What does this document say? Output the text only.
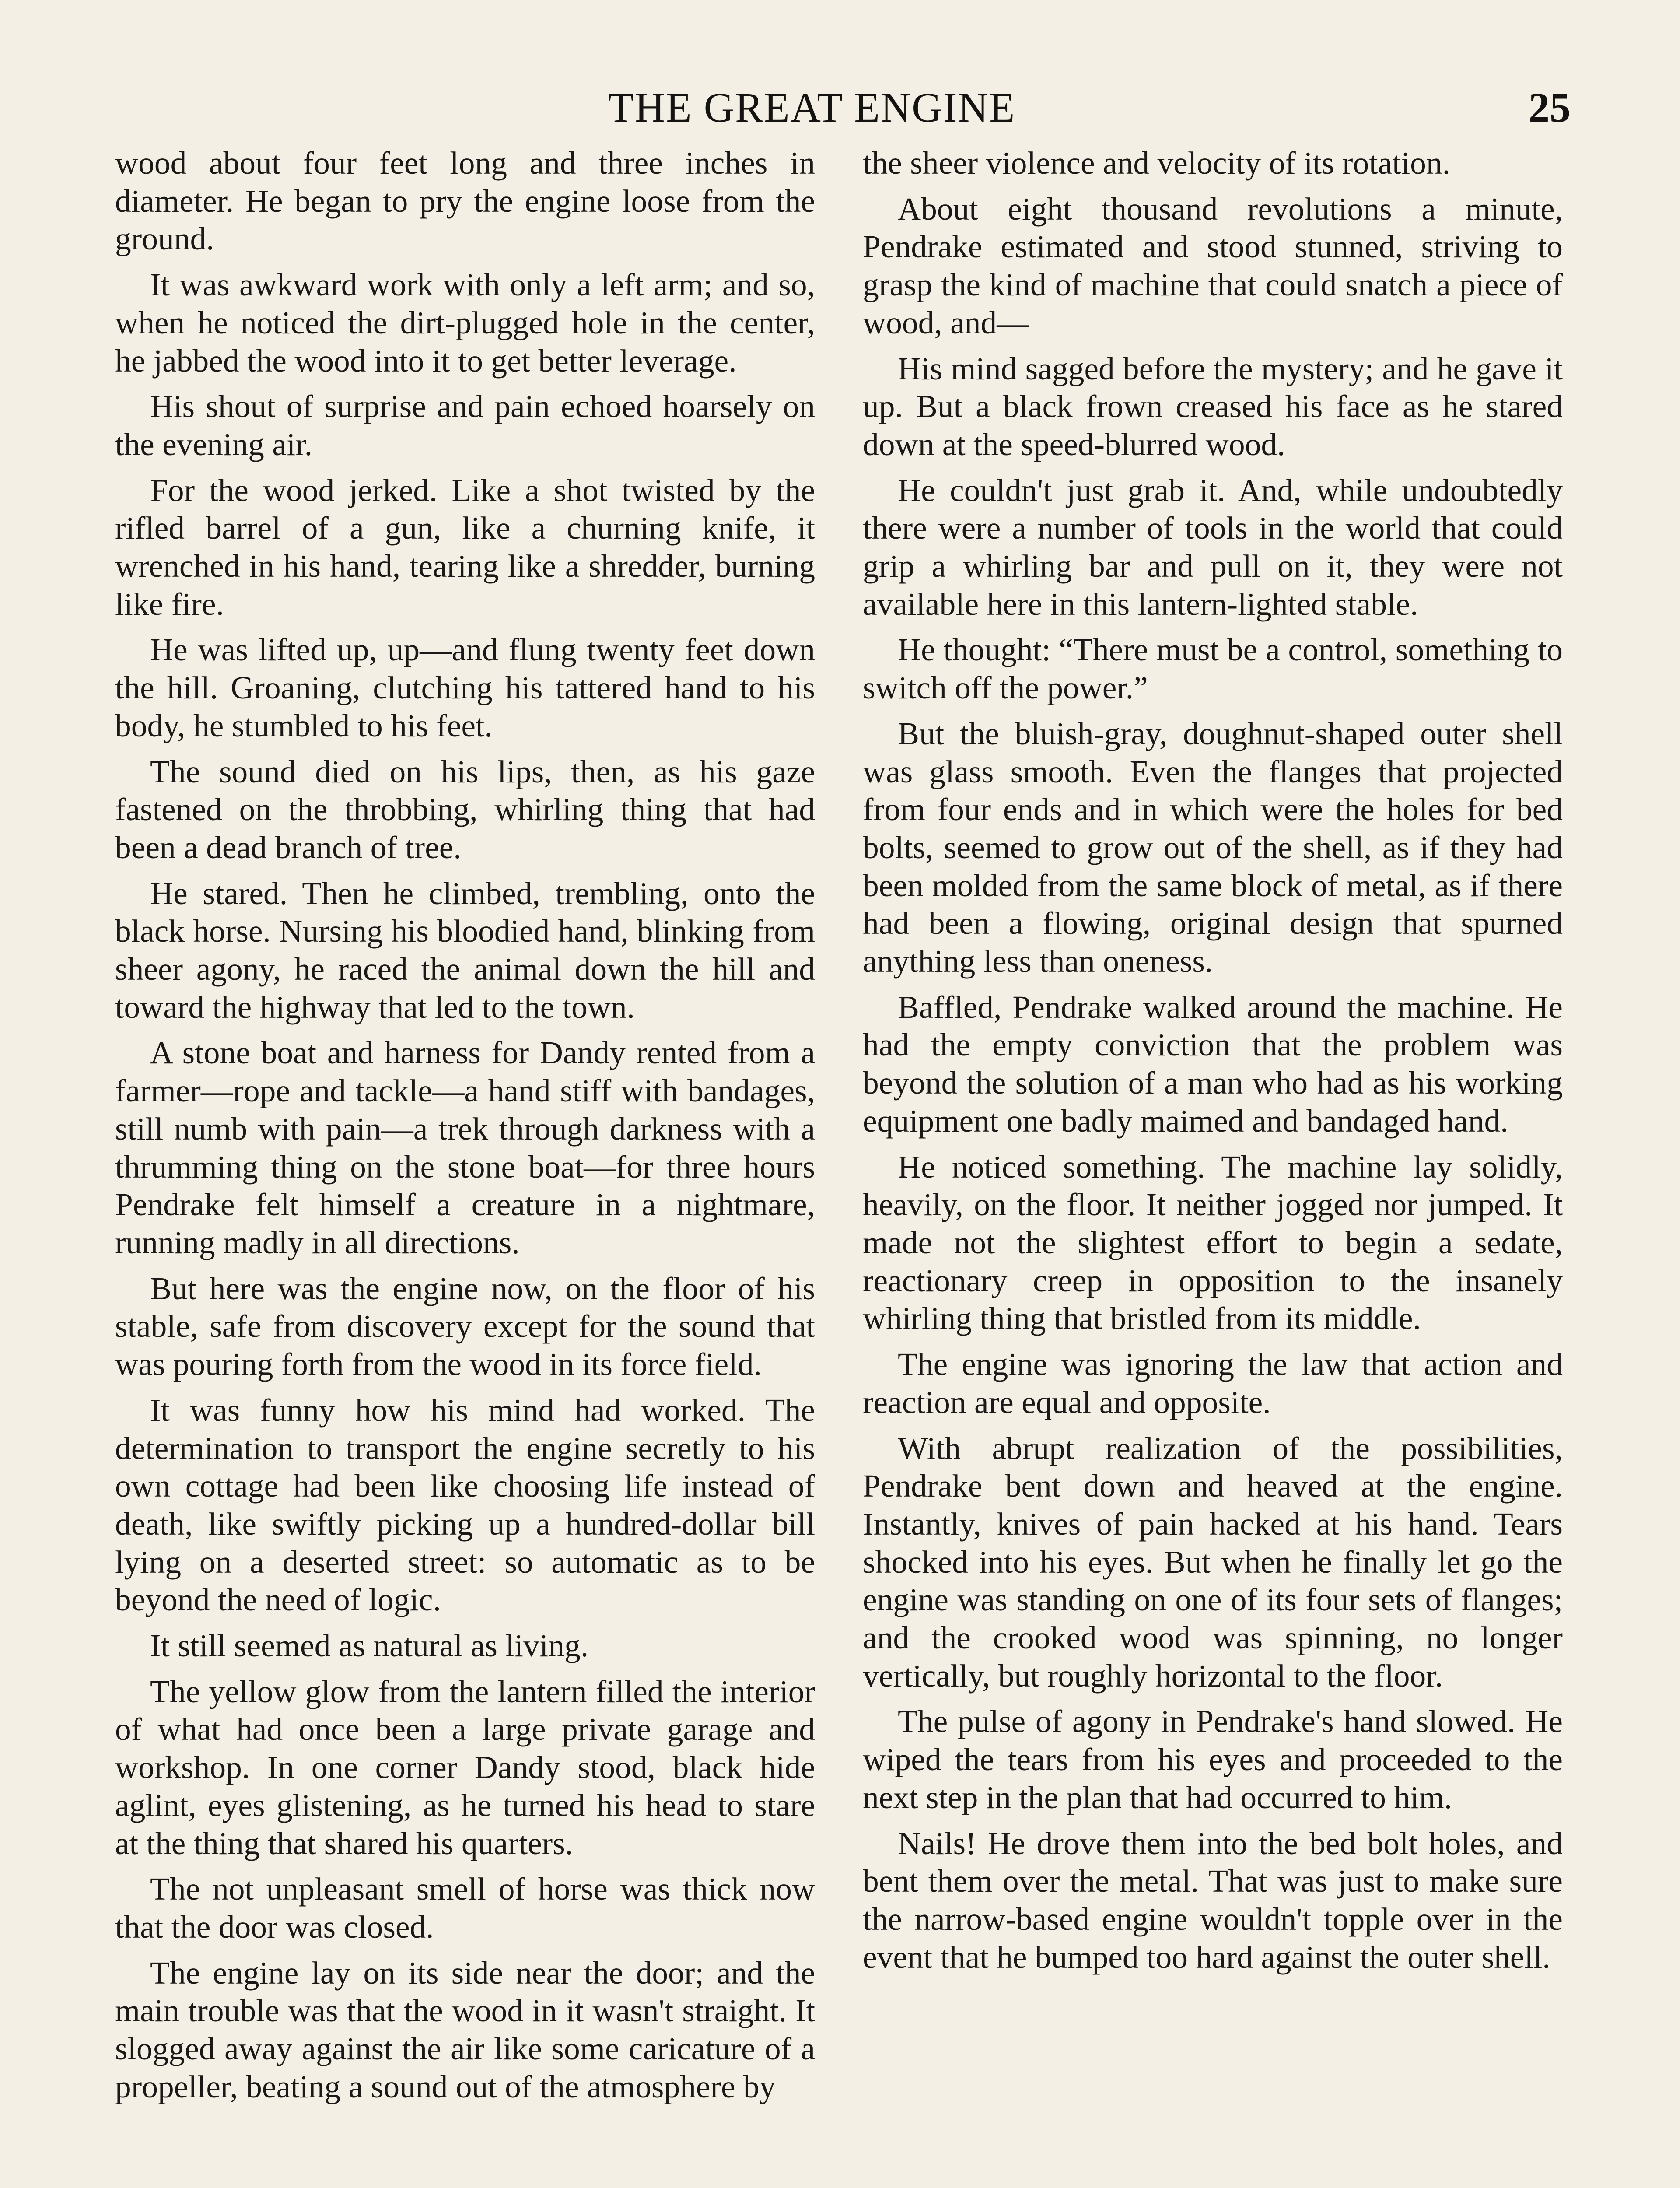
THE GREAT ENGINE	25

wood about four feet long and three inches in diameter. He began to pry the engine loose from the ground.

It was awkward work with only a left arm; and so, when he noticed the dirt-plugged hole in the center, he jabbed the wood into it to get better leverage.

His shout of surprise and pain echoed hoarsely on the evening air.

For the wood jerked. Like a shot twisted by the rifled barrel of a gun, like a churning knife, it wrenched in his hand, tearing like a shredder, burning like fire.

He was lifted up, up—and flung twenty feet down the hill. Groaning, clutching his tattered hand to his body, he stumbled to his feet.

The sound died on his lips, then, as his gaze fastened on the throbbing, whirling thing that had been a dead branch of tree.

He stared. Then he climbed, trembling, onto the black horse. Nursing his bloodied hand, blinking from sheer agony, he raced the animal down the hill and toward the highway that led to the town.

A stone boat and harness for Dandy rented from a farmer—rope and tackle—a hand stiff with bandages, still numb with pain—a trek through darkness with a thrumming thing on the stone boat—for three hours Pendrake felt himself a creature in a nightmare, running madly in all directions.

But here was the engine now, on the floor of his stable, safe from discovery except for the sound that was pouring forth from the wood in its force field.

It was funny how his mind had worked. The determination to transport the engine secretly to his own cottage had been like choosing life instead of death, like swiftly picking up a hundred-dollar bill lying on a deserted street: so automatic as to be beyond the need of logic.

It still seemed as natural as living.

The yellow glow from the lantern filled the interior of what had once been a large private garage and workshop. In one corner Dandy stood, black hide aglint, eyes glistening, as he turned his head to stare at the thing that shared his quarters.

The not unpleasant smell of horse was thick now that the door was closed.

The engine lay on its side near the door; and the main trouble was that the wood in it wasn't straight. It slogged away against the air like some caricature of a propeller, beating a sound out of the atmosphere by

the sheer violence and velocity of its rotation.

About eight thousand revolutions a minute, Pendrake estimated and stood stunned, striving to grasp the kind of machine that could snatch a piece of wood, and—

His mind sagged before the mystery; and he gave it up. But a black frown creased his face as he stared down at the speed-blurred wood.

He couldn't just grab it. And, while undoubtedly there were a number of tools in the world that could grip a whirling bar and pull on it, they were not available here in this lantern-lighted stable.

He thought: “There must be a control, something to switch off the power.”

But the bluish-gray, doughnut-shaped outer shell was glass smooth. Even the flanges that projected from four ends and in which were the holes for bed bolts, seemed to grow out of the shell, as if they had been molded from the same block of metal, as if there had been a flowing, original design that spurned anything less than oneness.

Baffled, Pendrake walked around the machine. He had the empty conviction that the problem was beyond the solution of a man who had as his working equipment one badly maimed and bandaged hand.

He noticed something. The machine lay solidly, heavily, on the floor. It neither jogged nor jumped. It made not the slightest effort to begin a sedate, reactionary creep in opposition to the insanely whirling thing that bristled from its middle.

The engine was ignoring the law that action and reaction are equal and opposite.

With abrupt realization of the possibilities, Pendrake bent down and heaved at the engine. Instantly, knives of pain hacked at his hand. Tears shocked into his eyes. But when he finally let go the engine was standing on one of its four sets of flanges; and the crooked wood was spinning, no longer vertically, but roughly horizontal to the floor.

The pulse of agony in Pendrake's hand slowed. He wiped the tears from his eyes and proceeded to the next step in the plan that had occurred to him.

Nails! He drove them into the bed bolt holes, and bent them over the metal. That was just to make sure the narrow-based engine wouldn't topple over in the event that he bumped too hard against the outer shell.
